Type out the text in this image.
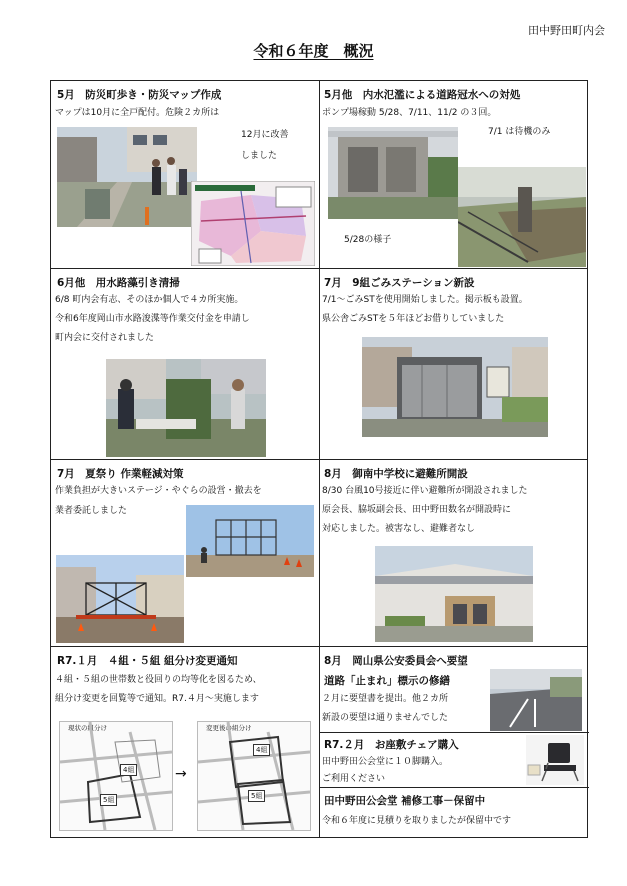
田中野田町内会
令和６年度　概況
5月　防災町歩き・防災マップ作成
マップは10月に全戸配付。危険２カ所は
12月に改善
しました
5月他　内水氾濫による道路冠水への対処
ポンプ場稼動 5/28、7/11、11/2 の３回。
7/1 は待機のみ
5/28の様子
6月他　用水路藻引き清掃
6/8 町内会有志、そのほか個人で４カ所実施。
令和6年度岡山市水路浚渫等作業交付金を申請し
町内会に交付されました
7月　9組ごみステーション新設
7/1～ごみSTを使用開始しました。掲示板も設置。
県公舎ごみSTを５年ほどお借りしていました
7月　夏祭り 作業軽減対策
作業負担が大きいステージ・やぐらの設営・撤去を
業者委託しました
8月　御南中学校に避難所開設
8/30 台風10号接近に伴い避難所が開設されました
原会長、脇坂副会長、田中野田数名が開設時に
対応しました。被害なし、避難者なし
R7.１月　４組・５組 組分け変更通知
４組・５組の世帯数と役回りの均等化を図るため、
組分け変更を回覧等で通知。R7.４月～実施します
現状の組分け
4組
5組
→
変更後の組分け
4組
5組
8月　岡山県公安委員会へ要望
道路「止まれ」標示の修繕
２月に要望書を提出。他２カ所
新設の要望は通りませんでした
R7.２月　お座敷チェア購入
田中野田公会堂に１０脚購入。
ご利用ください
田中野田公会堂 補修工事－保留中
令和６年度に見積りを取りましたが保留中です
